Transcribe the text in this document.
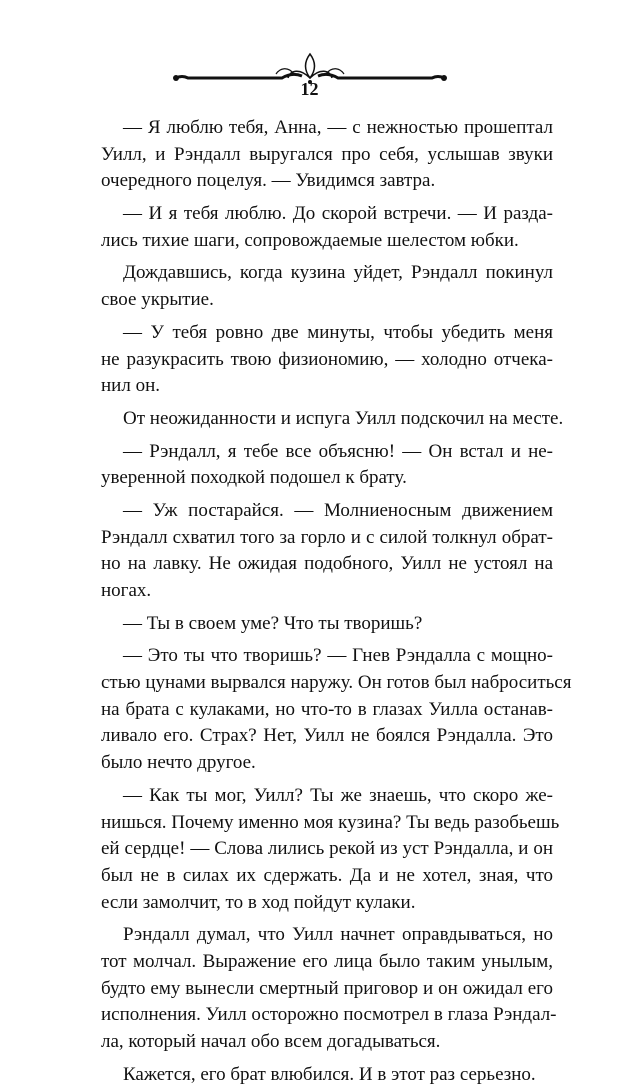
12
— Я люблю тебя, Анна, — с нежностью прошептал
Уилл, и Рэндалл выругался про себя, услышав звуки
очередного поцелуя. — Увидимся завтра.
— И я тебя люблю. До скорой встречи. — И разда-
лись тихие шаги, сопровождаемые шелестом юбки.
Дождавшись, когда кузина уйдет, Рэндалл покинул
свое укрытие.
— У тебя ровно две минуты, чтобы убедить меня
не разукрасить твою физиономию, — холодно отчека-
нил он.
От неожиданности и испуга Уилл подскочил на месте.
— Рэндалл, я тебе все объясню! — Он встал и не-
уверенной походкой подошел к брату.
— Уж постарайся. — Молниеносным движением
Рэндалл схватил того за горло и с силой толкнул обрат-
но на лавку. Не ожидая подобного, Уилл не устоял на
ногах.
— Ты в своем уме? Что ты творишь?
— Это ты что творишь? — Гнев Рэндалла с мощно-
стью цунами вырвался наружу. Он готов был наброситься
на брата с кулаками, но что-то в глазах Уилла останав-
ливало его. Страх? Нет, Уилл не боялся Рэндалла. Это
было нечто другое.
— Как ты мог, Уилл? Ты же знаешь, что скоро же-
нишься. Почему именно моя кузина? Ты ведь разобьешь
ей сердце! — Слова лились рекой из уст Рэндалла, и он
был не в силах их сдержать. Да и не хотел, зная, что
если замолчит, то в ход пойдут кулаки.
Рэндалл думал, что Уилл начнет оправдываться, но
тот молчал. Выражение его лица было таким унылым,
будто ему вынесли смертный приговор и он ожидал его
исполнения. Уилл осторожно посмотрел в глаза Рэндал-
ла, который начал обо всем догадываться.
Кажется, его брат влюбился. И в этот раз серьезно.
